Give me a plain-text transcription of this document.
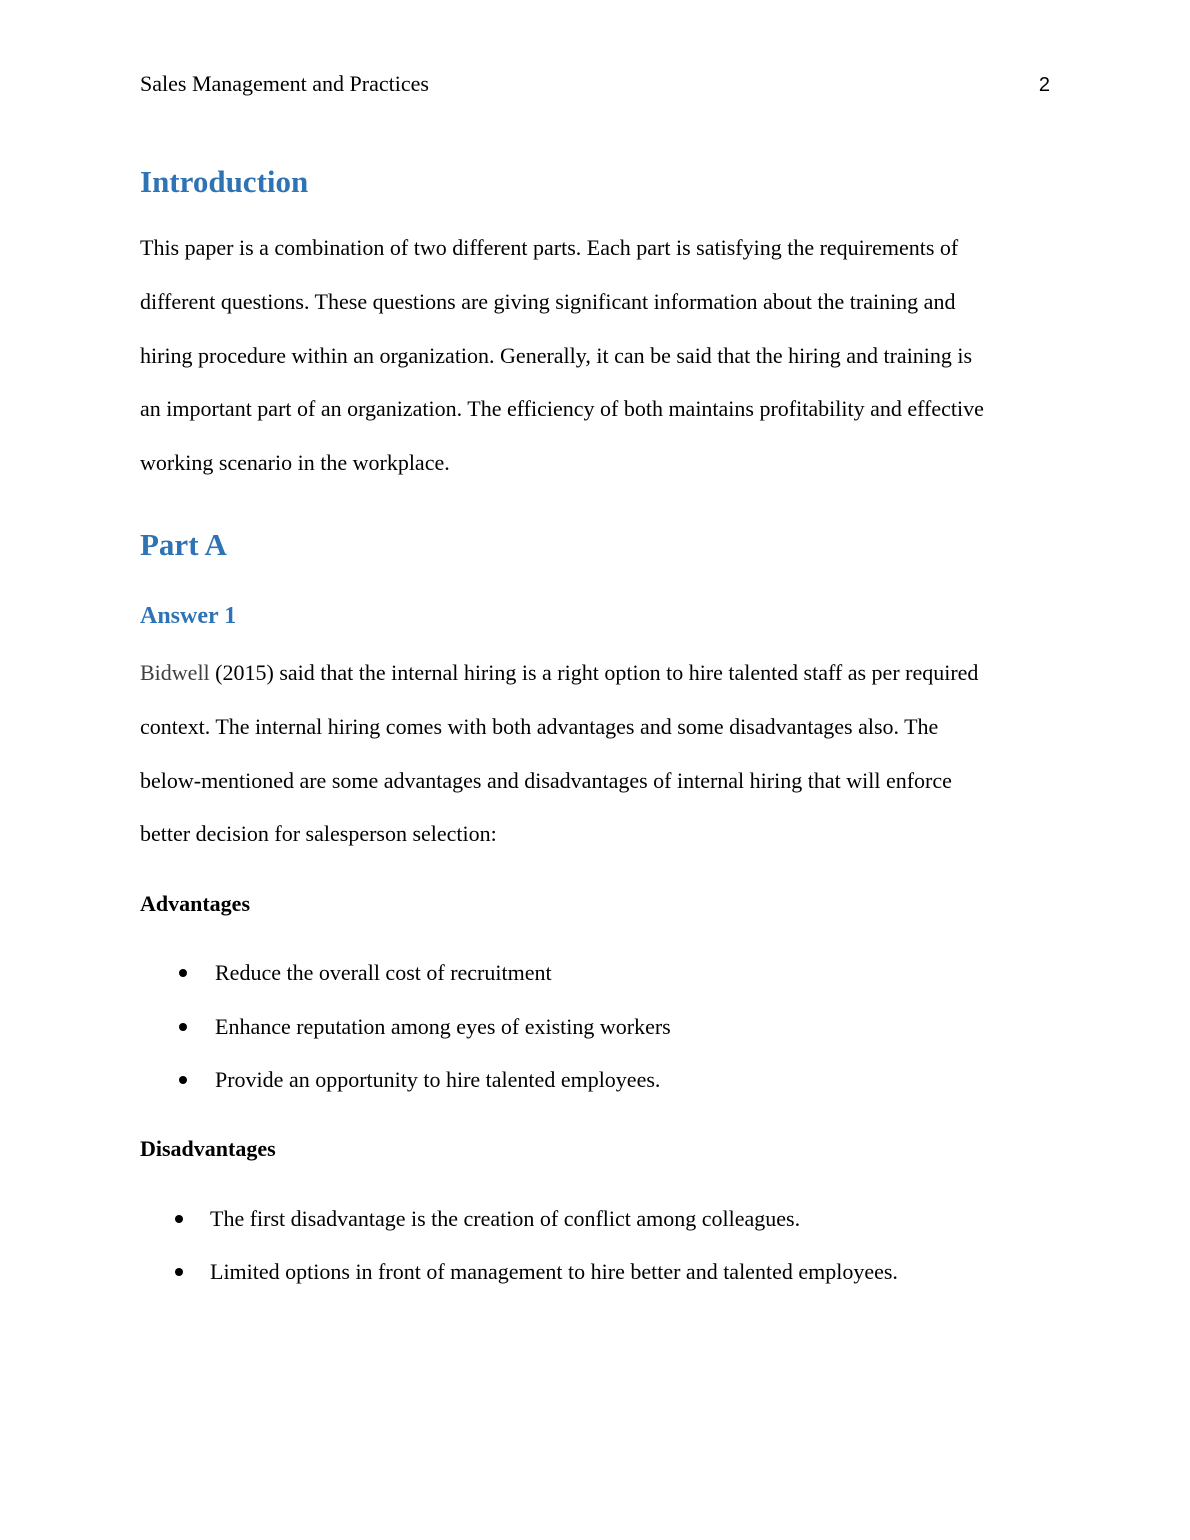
Sales Management and Practices	2
Introduction
This paper is a combination of two different parts. Each part is satisfying the requirements of
different questions. These questions are giving significant information about the training and
hiring procedure within an organization. Generally, it can be said that the hiring and training is
an important part of an organization. The efficiency of both maintains profitability and effective
working scenario in the workplace.
Part A
Answer 1
Bidwell (2015) said that the internal hiring is a right option to hire talented staff as per required
context. The internal hiring comes with both advantages and some disadvantages also. The
below-mentioned are some advantages and disadvantages of internal hiring that will enforce
better decision for salesperson selection:
Advantages
Reduce the overall cost of recruitment
Enhance reputation among eyes of existing workers
Provide an opportunity to hire talented employees.
Disadvantages
The first disadvantage is the creation of conflict among colleagues.
Limited options in front of management to hire better and talented employees.
